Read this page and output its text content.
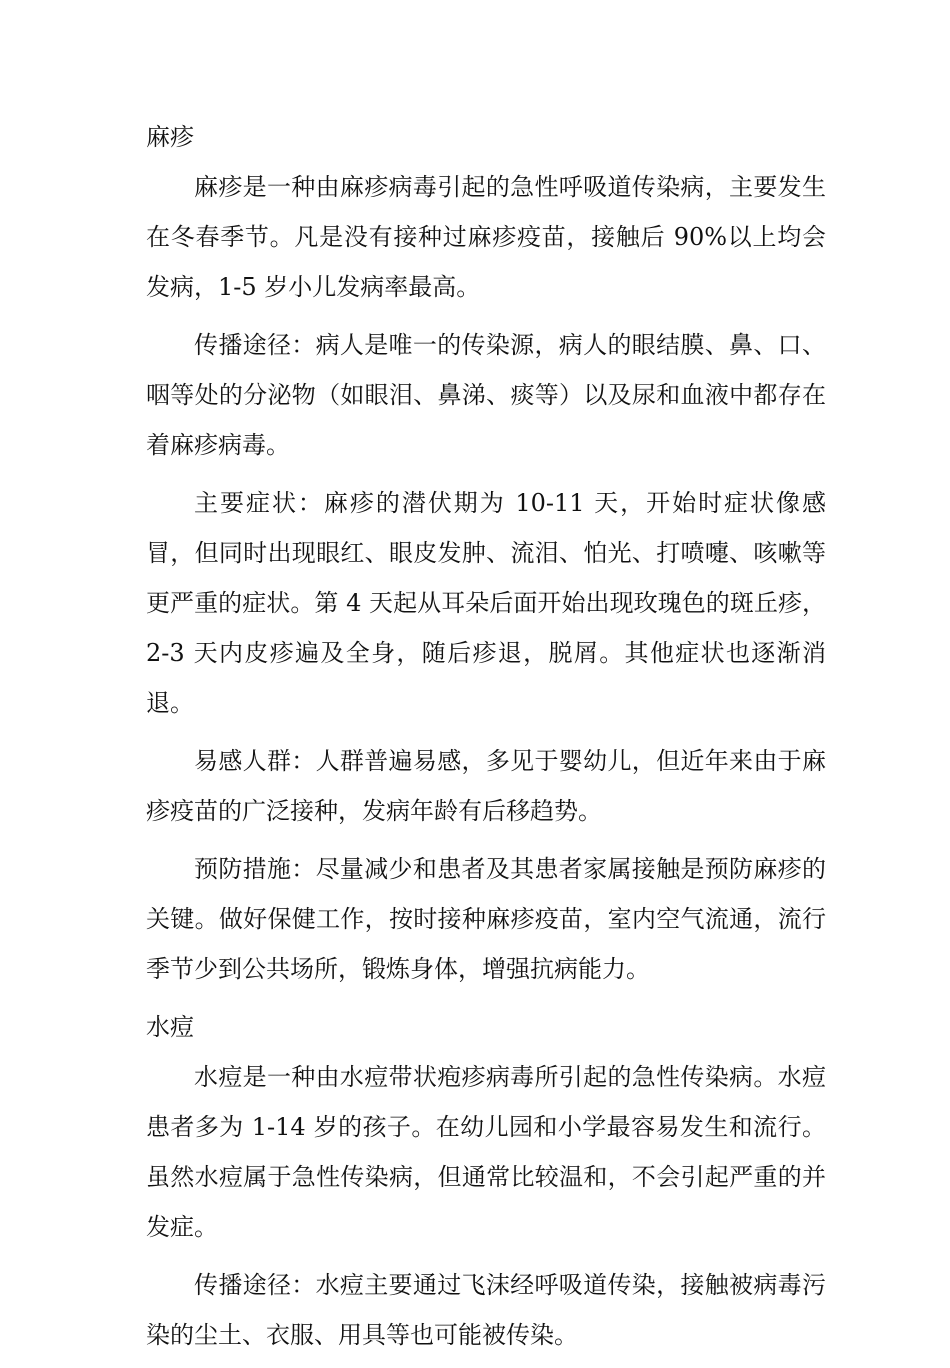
麻疹

麻疹是一种由麻疹病毒引起的急性呼吸道传染病，主要发生在冬春季节。凡是没有接种过麻疹疫苗，接触后 90%以上均会发病，1-5 岁小儿发病率最高。

传播途径：病人是唯一的传染源，病人的眼结膜、鼻、口、咽等处的分泌物（如眼泪、鼻涕、痰等）以及尿和血液中都存在着麻疹病毒。

主要症状：麻疹的潜伏期为 10-11 天，开始时症状像感冒，但同时出现眼红、眼皮发肿、流泪、怕光、打喷嚏、咳嗽等更严重的症状。第 4 天起从耳朵后面开始出现玫瑰色的斑丘疹，2-3 天内皮疹遍及全身，随后疹退，脱屑。其他症状也逐渐消退。

易感人群：人群普遍易感，多见于婴幼儿，但近年来由于麻疹疫苗的广泛接种，发病年龄有后移趋势。

预防措施：尽量减少和患者及其患者家属接触是预防麻疹的关键。做好保健工作，按时接种麻疹疫苗，室内空气流通，流行季节少到公共场所，锻炼身体，增强抗病能力。

水痘

水痘是一种由水痘带状疱疹病毒所引起的急性传染病。水痘患者多为 1-14 岁的孩子。在幼儿园和小学最容易发生和流行。虽然水痘属于急性传染病，但通常比较温和，不会引起严重的并发症。

传播途径：水痘主要通过飞沫经呼吸道传染，接触被病毒污染的尘土、衣服、用具等也可能被传染。
